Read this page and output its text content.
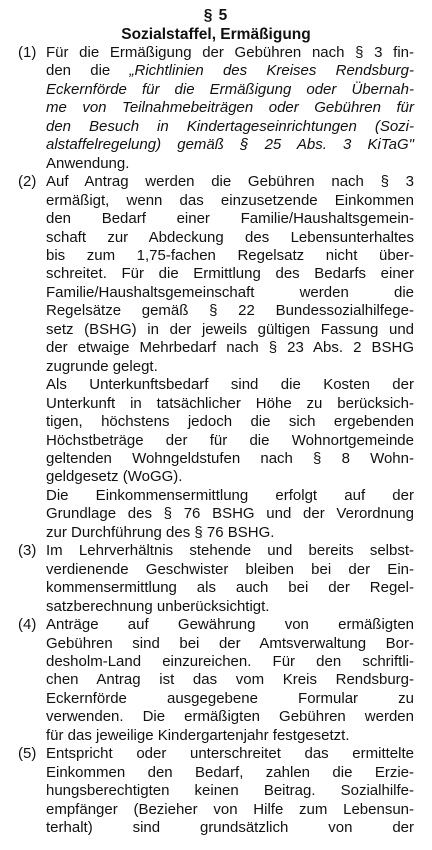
§ 5
Sozialstaffel, Ermäßigung
(1) Für die Ermäßigung der Gebühren nach § 3 fin-
den die „Richtlinien des Kreises Rendsburg-
Eckernförde für die Ermäßigung oder Übernah-
me von Teilnahmebeiträgen oder Gebühren für
den Besuch in Kindertageseinrichtungen (Sozi-
alstaffelregelung) gemäß § 25 Abs. 3 KiTaG"
Anwendung.
(2) Auf Antrag werden die Gebühren nach § 3
ermäßigt, wenn das einzusetzende Einkommen
den Bedarf einer Familie/Haushaltsgemein-
schaft zur Abdeckung des Lebensunterhaltes
bis zum 1,75-fachen Regelsatz nicht über-
schreitet. Für die Ermittlung des Bedarfs einer
Familie/Haushaltsgemeinschaft werden die
Regelsätze gemäß § 22 Bundessozialhilfege-
setz (BSHG) in der jeweils gültigen Fassung und
der etwaige Mehrbedarf nach § 23 Abs. 2 BSHG
zugrunde gelegt.
Als Unterkunftsbedarf sind die Kosten der
Unterkunft in tatsächlicher Höhe zu berücksich-
tigen, höchstens jedoch die sich ergebenden
Höchstbeträge der für die Wohnortgemeinde
geltenden Wohngeldstufen nach § 8 Wohn-
geldgesetz (WoGG).
Die Einkommensermittlung erfolgt auf der
Grundlage des § 76 BSHG und der Verordnung
zur Durchführung des § 76 BSHG.
(3) Im Lehrverhältnis stehende und bereits selbst-
verdienende Geschwister bleiben bei der Ein-
kommensermittlung als auch bei der Regel-
satzberechnung unberücksichtigt.
(4) Anträge auf Gewährung von ermäßigten
Gebühren sind bei der Amtsverwaltung Bor-
desholm-Land einzureichen. Für den schriftli-
chen Antrag ist das vom Kreis Rendsburg-
Eckernförde ausgegebene Formular zu
verwenden. Die ermäßigten Gebühren werden
für das jeweilige Kindergartenjahr festgesetzt.
(5) Entspricht oder unterschreitet das ermittelte
Einkommen den Bedarf, zahlen die Erzie-
hungsberechtigten keinen Beitrag. Sozialhilfe-
empfänger (Bezieher von Hilfe zum Lebensun-
terhalt) sind grundsätzlich von der
